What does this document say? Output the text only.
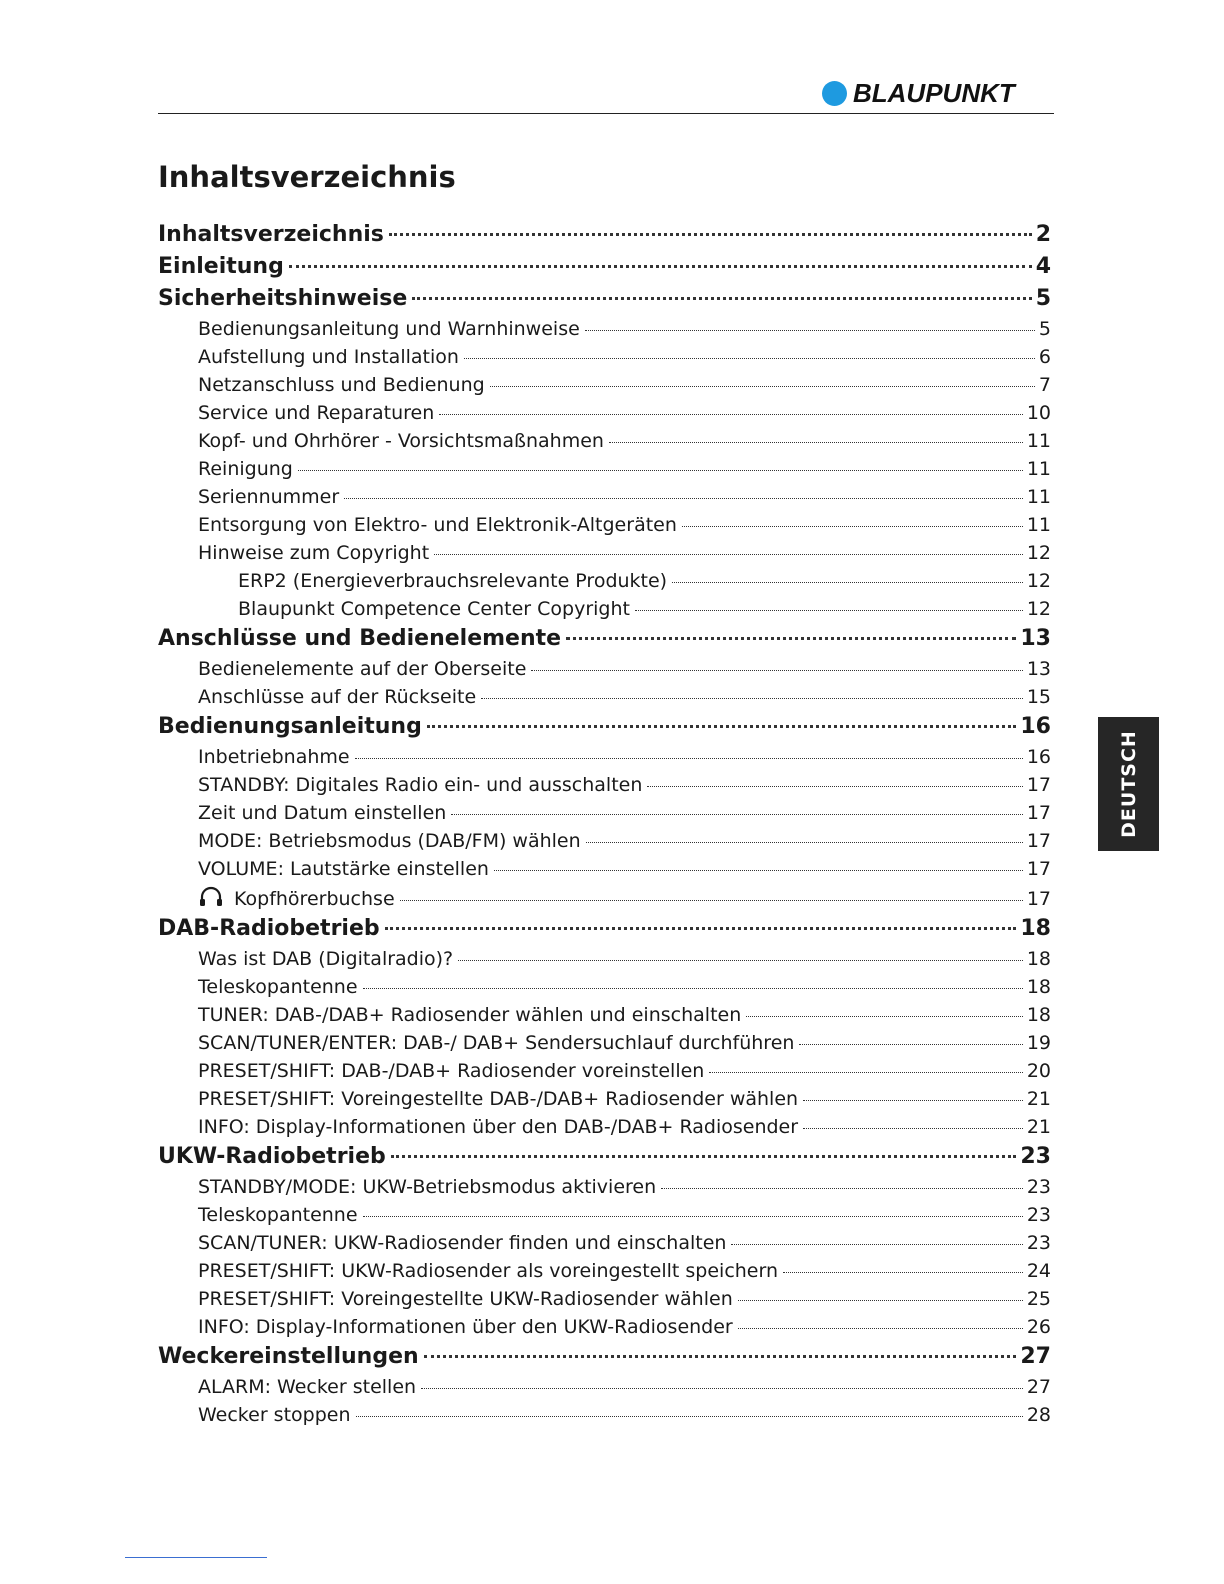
BLAUPUNKT
Inhaltsverzeichnis
Inhaltsverzeichnis	2
Einleitung	4
Sicherheitshinweise	5
Bedienungsanleitung und Warnhinweise	5
Aufstellung und Installation	6
Netzanschluss und Bedienung	7
Service und Reparaturen	10
Kopf- und Ohrhörer - Vorsichtsmaßnahmen	11
Reinigung	11
Seriennummer	11
Entsorgung von Elektro- und Elektronik-Altgeräten	11
Hinweise zum Copyright	12
ERP2 (Energieverbrauchsrelevante Produkte)	12
Blaupunkt Competence Center Copyright	12
Anschlüsse und Bedienelemente	13
Bedienelemente auf der Oberseite	13
Anschlüsse auf der Rückseite	15
Bedienungsanleitung	16
Inbetriebnahme	16
STANDBY: Digitales Radio ein- und ausschalten	17
Zeit und Datum einstellen	17
MODE: Betriebsmodus (DAB/FM) wählen	17
VOLUME: Lautstärke einstellen	17
Kopfhörerbuchse	17
DAB-Radiobetrieb	18
Was ist DAB (Digitalradio)?	18
Teleskopantenne	18
TUNER: DAB-/DAB+ Radiosender wählen und einschalten	18
SCAN/TUNER/ENTER: DAB-/ DAB+ Sendersuchlauf durchführen	19
PRESET/SHIFT: DAB-/DAB+ Radiosender voreinstellen	20
PRESET/SHIFT: Voreingestellte DAB-/DAB+ Radiosender wählen	21
INFO: Display-Informationen über den DAB-/DAB+ Radiosender	21
UKW-Radiobetrieb	23
STANDBY/MODE: UKW-Betriebsmodus aktivieren	23
Teleskopantenne	23
SCAN/TUNER: UKW-Radiosender finden und einschalten	23
PRESET/SHIFT: UKW-Radiosender als voreingestellt speichern	24
PRESET/SHIFT: Voreingestellte UKW-Radiosender wählen	25
INFO: Display-Informationen über den UKW-Radiosender	26
Weckereinstellungen	27
ALARM: Wecker stellen	27
Wecker stoppen	28
DEUTSCH
